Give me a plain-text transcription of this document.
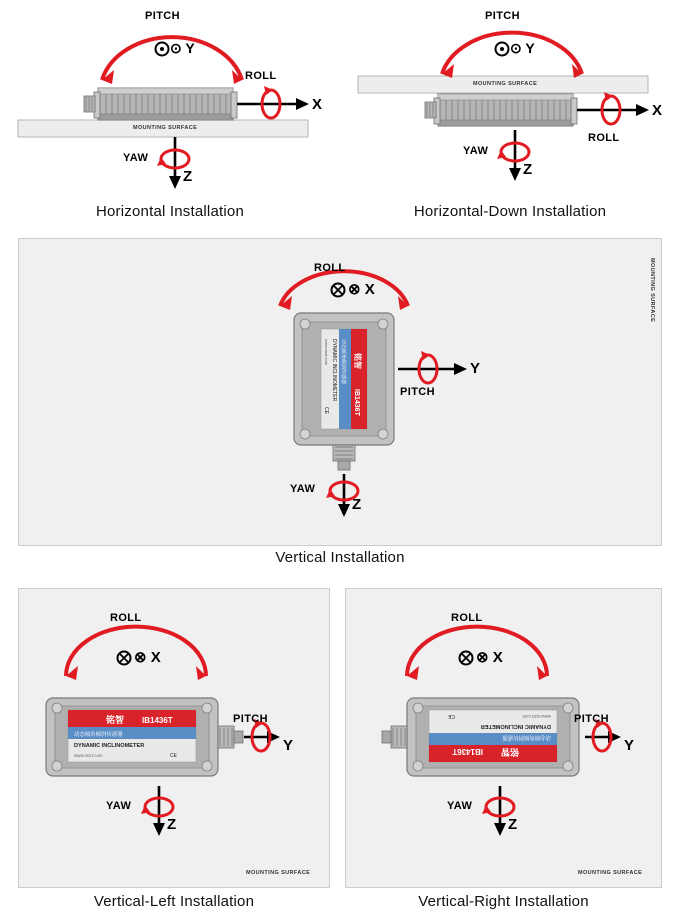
PITCH
⊙ Y
ROLL
X
YAW
Z
MOUNTING SURFACE
Horizontal Installation
PITCH
⊙ Y
ROLL
X
YAW
Z
MOUNTING SURFACE
Horizontal-Down Installation
铭智
动态倾角倾斜传感器
DYNAMIC INCLINOMETER
www.mzrt.com
IB1436T
CE
ROLL
⊗ X
Y
PITCH
YAW
Z
MOUNTING SURFACE
Vertical Installation
铭智 IB1436T
动态倾角倾斜传感器
DYNAMIC INCLINOMETER
www.mzrt.com	CE
ROLL
⊗ X
PITCH
Y
YAW
Z
MOUNTING SURFACE
Vertical-Left Installation
铭智
IB1436T
动态倾角倾斜传感器
DYNAMIC INCLINOMETER
www.mzrt.com
CE
ROLL
⊗ X
PITCH
Y
YAW
Z
MOUNTING SURFACE
Vertical-Right Installation
